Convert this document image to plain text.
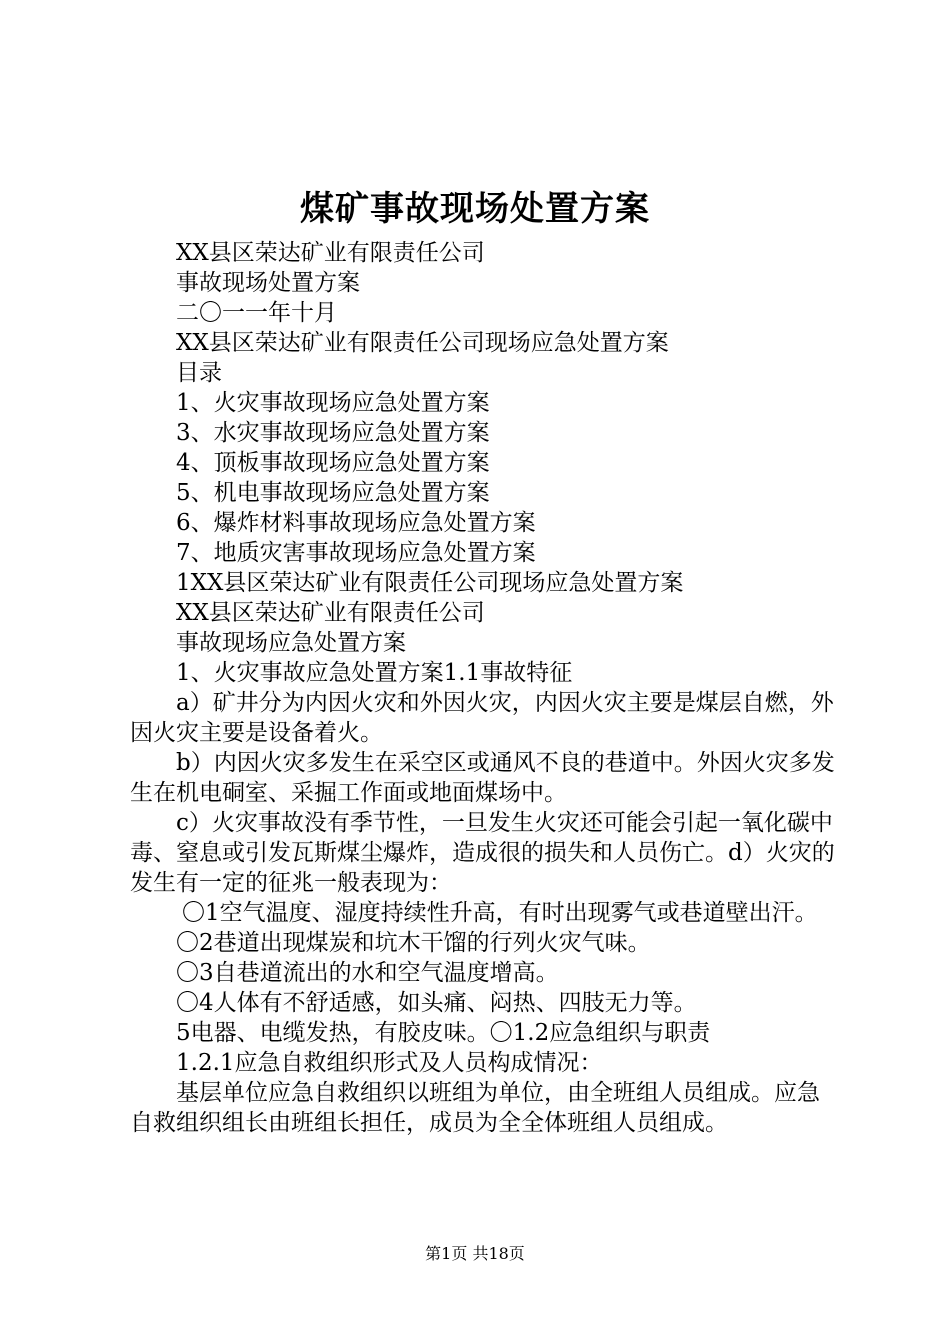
煤矿事故现场处置方案

XX县区荣达矿业有限责任公司

事故现场处置方案

二〇一一年十月

XX县区荣达矿业有限责任公司现场应急处置方案

目录

1、火灾事故现场应急处置方案

3、水灾事故现场应急处置方案

4、顶板事故现场应急处置方案

5、机电事故现场应急处置方案

6、爆炸材料事故现场应急处置方案

7、地质灾害事故现场应急处置方案

1XX县区荣达矿业有限责任公司现场应急处置方案

XX县区荣达矿业有限责任公司

事故现场应急处置方案

1、火灾事故应急处置方案1.1事故特征

a）矿井分为内因火灾和外因火灾，内因火灾主要是煤层自燃，外因火灾主要是设备着火。

b）内因火灾多发生在采空区或通风不良的巷道中。外因火灾多发生在机电硐室、采掘工作面或地面煤场中。

c）火灾事故没有季节性，一旦发生火灾还可能会引起一氧化碳中毒、窒息或引发瓦斯煤尘爆炸，造成很的损失和人员伤亡。d）火灾的发生有一定的征兆一般表现为：

〇1空气温度、湿度持续性升高，有时出现雾气或巷道壁出汗。

〇2巷道出现煤炭和坑木干馏的行列火灾气味。

〇3自巷道流出的水和空气温度增高。

〇4人体有不舒适感，如头痛、闷热、四肢无力等。

5电器、电缆发热，有胶皮味。〇1.2应急组织与职责

1.2.1应急自救组织形式及人员构成情况：

基层单位应急自救组织以班组为单位，由全班组人员组成。应急自救组织组长由班组长担任，成员为全全体班组人员组成。

第1页 共18页
